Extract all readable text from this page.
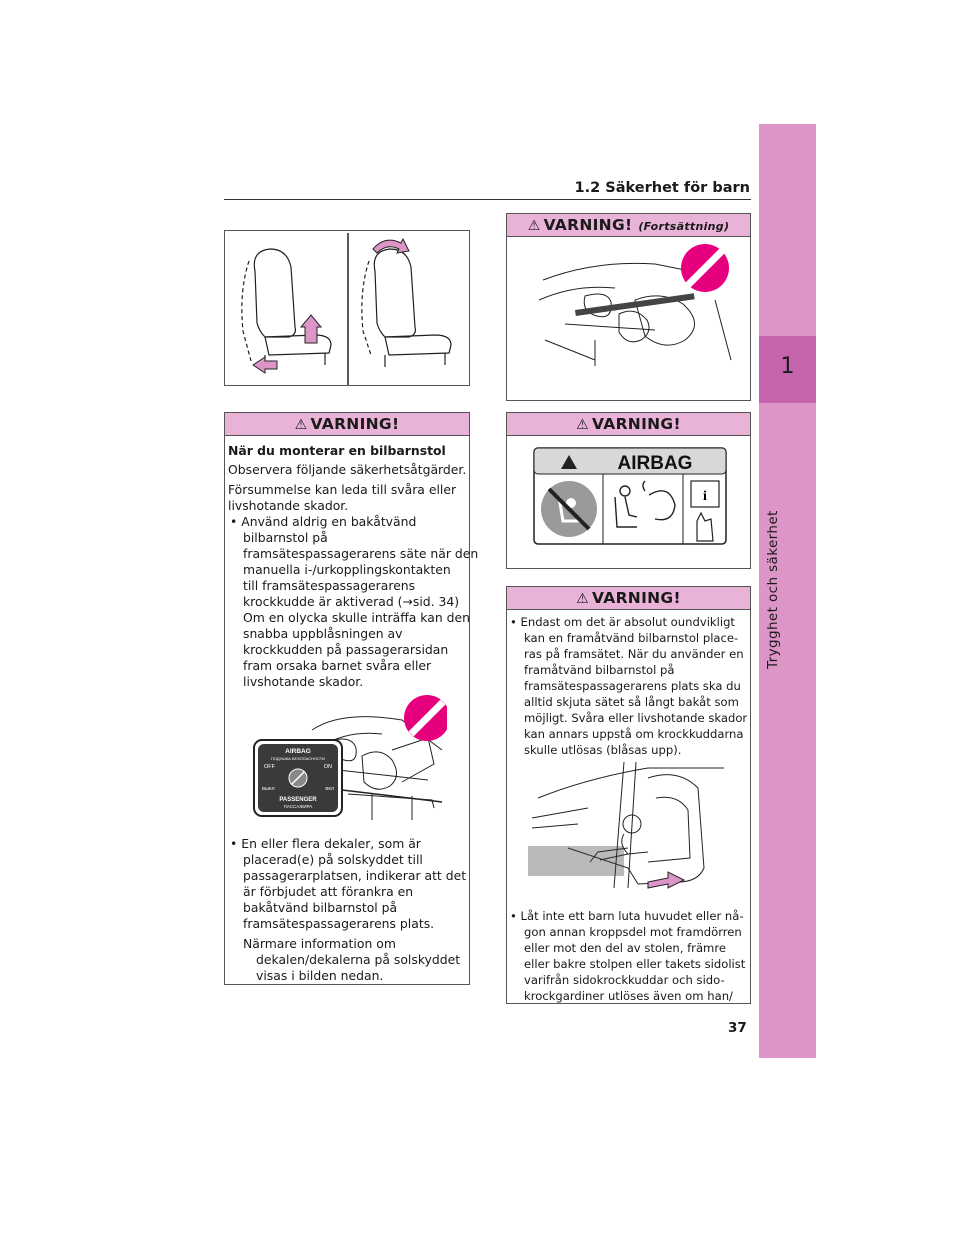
1
Trygghet och säkerhet
1.2 Säkerhet för barn
⚠ VARNING!
När du monterar en bilbarnstol
Observera följande säkerhetsåtgärder.
Försummelse kan leda till svåra eller
livshotande skador.
• Använd aldrig en bakåtvänd
bilbarnstol på
framsätespassagerarens säte när den
manuella i-/urkopplingskontakten
till framsätespassagerarens
krockkudde är aktiverad (→sid. 34)
Om en olycka skulle inträffa kan den
snabba uppblåsningen av
krockkudden på passagerarsidan
fram orsaka barnet svåra eller
livshotande skador.
AIRBAG
ПОДУШКА БЕЗОПАСНОСТИ
OFF	ON
ВЫКЛ	ВКЛ
PASSENGER
ПАССАЖИРА
• En eller flera dekaler, som är
placerad(e) på solskyddet till
passagerarplatsen, indikerar att det
är förbjudet att förankra en
bakåtvänd bilbarnstol på
framsätespassagerarens plats.
Närmare information om
dekalen/dekalerna på solskyddet
visas i bilden nedan.
⚠ VARNING! (Fortsättning)
⚠ VARNING!
AIRBAG
i
⚠ VARNING!
• Endast om det är absolut oundvikligt
kan en framåtvänd bilbarnstol place-
ras på framsätet. När du använder en
framåtvänd bilbarnstol på
framsätespassagerarens plats ska du
alltid skjuta sätet så långt bakåt som
möjligt. Svåra eller livshotande skador
kan annars uppstå om krockkuddarna
skulle utlösas (blåsas upp).
• Låt inte ett barn luta huvudet eller nå-
gon annan kroppsdel mot framdörren
eller mot den del av stolen, främre
eller bakre stolpen eller takets sidolist
varifrån sidokrockkuddar och sido-
krockgardiner utlöses även om han/
37
